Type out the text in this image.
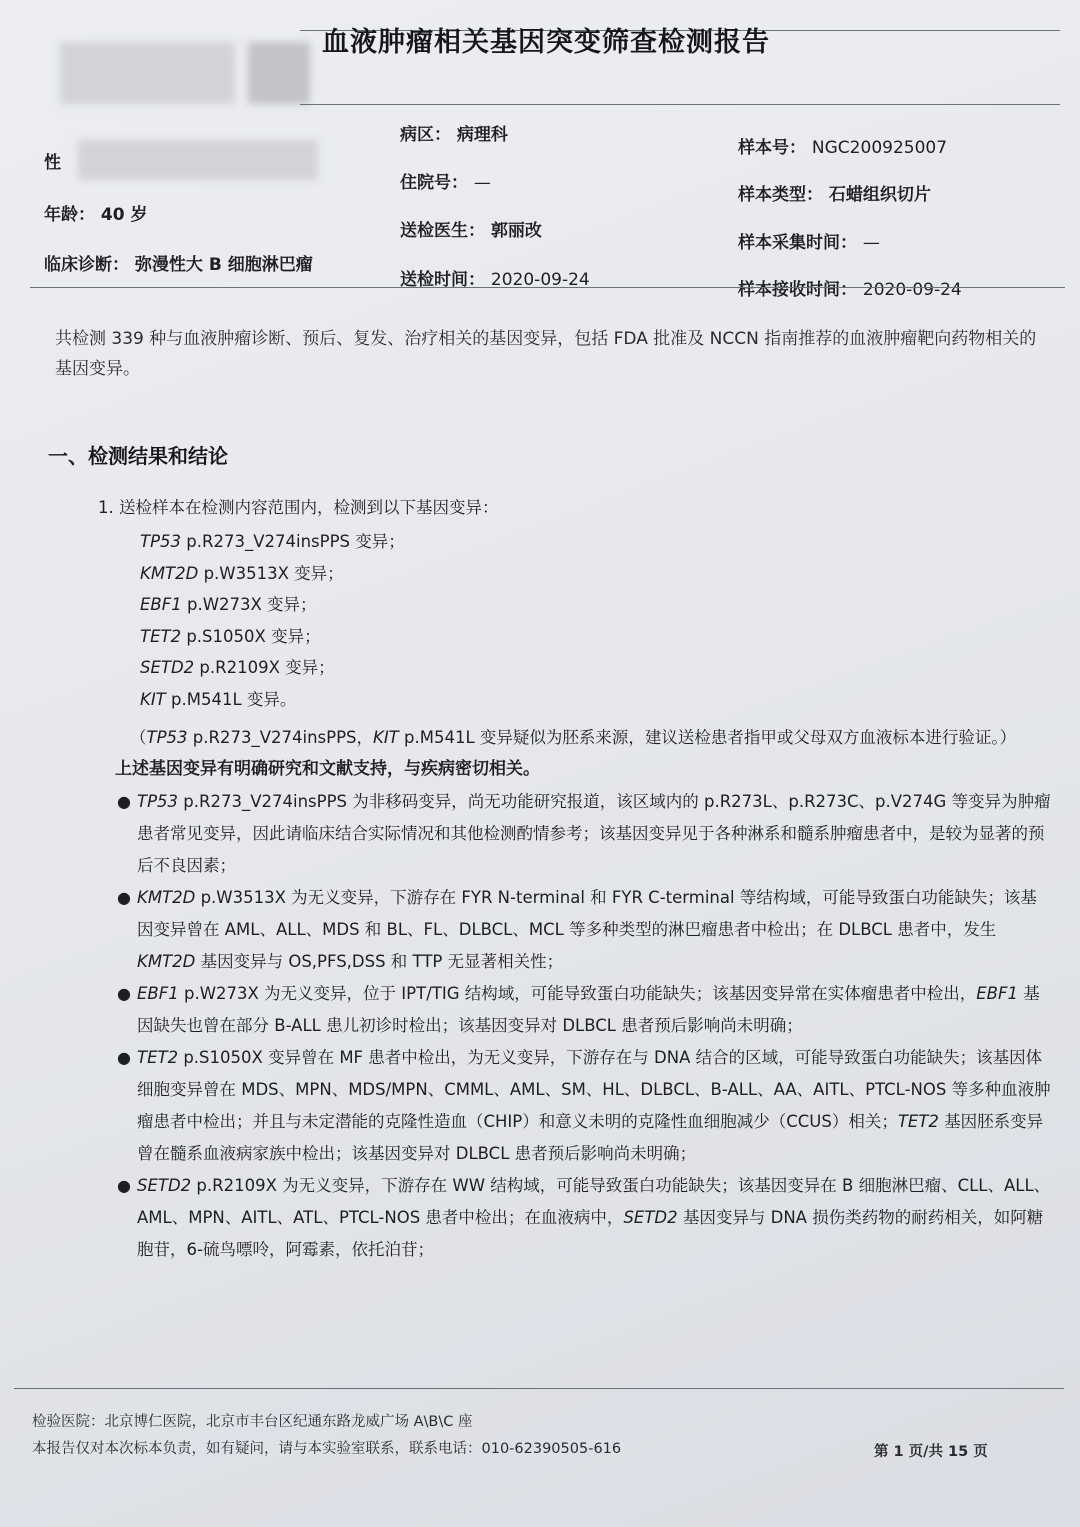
血液肿瘤相关基因突变筛查检测报告
性
年龄： 40 岁
临床诊断： 弥漫性大 B 细胞淋巴瘤
病区： 病理科
住院号： —
送检医生： 郭丽改
送检时间： 2020-09-24
样本号： NGC200925007
样本类型： 石蜡组织切片
样本采集时间： —
样本接收时间： 2020-09-24

共检测 339 种与血液肿瘤诊断、预后、复发、治疗相关的基因变异，包括 FDA 批准及 NCCN 指南推荐的血液肿瘤靶向药物相关的基因变异。

一、检测结果和结论
1. 送检样本在检测内容范围内，检测到以下基因变异：
TP53 p.R273_V274insPPS 变异；
KMT2D p.W3513X 变异；
EBF1 p.W273X 变异；
TET2 p.S1050X 变异；
SETD2 p.R2109X 变异；
KIT p.M541L 变异。
（TP53 p.R273_V274insPPS，KIT p.M541L 变异疑似为胚系来源，建议送检患者指甲或父母双方血液标本进行验证。）
上述基因变异有明确研究和文献支持，与疾病密切相关。
● TP53 p.R273_V274insPPS 为非移码变异，尚无功能研究报道，该区域内的 p.R273L、p.R273C、p.V274G 等变异为肿瘤患者常见变异，因此请临床结合实际情况和其他检测酌情参考；该基因变异见于各种淋系和髓系肿瘤患者中，是较为显著的预后不良因素；
● KMT2D p.W3513X 为无义变异，下游存在 FYR N-terminal 和 FYR C-terminal 等结构域，可能导致蛋白功能缺失；该基因变异曾在 AML、ALL、MDS 和 BL、FL、DLBCL、MCL 等多种类型的淋巴瘤患者中检出；在 DLBCL 患者中，发生 KMT2D 基因变异与 OS,PFS,DSS 和 TTP 无显著相关性；
● EBF1 p.W273X 为无义变异，位于 IPT/TIG 结构域，可能导致蛋白功能缺失；该基因变异常在实体瘤患者中检出，EBF1 基因缺失也曾在部分 B-ALL 患儿初诊时检出；该基因变异对 DLBCL 患者预后影响尚未明确；
● TET2 p.S1050X 变异曾在 MF 患者中检出，为无义变异，下游存在与 DNA 结合的区域，可能导致蛋白功能缺失；该基因体细胞变异曾在 MDS、MPN、MDS/MPN、CMML、AML、SM、HL、DLBCL、B-ALL、AA、AITL、PTCL-NOS 等多种血液肿瘤患者中检出；并且与未定潜能的克隆性造血（CHIP）和意义未明的克隆性血细胞减少（CCUS）相关；TET2 基因胚系变异曾在髓系血液病家族中检出；该基因变异对 DLBCL 患者预后影响尚未明确；
● SETD2 p.R2109X 为无义变异，下游存在 WW 结构域，可能导致蛋白功能缺失；该基因变异在 B 细胞淋巴瘤、CLL、ALL、AML、MPN、AITL、ATL、PTCL-NOS 患者中检出；在血液病中，SETD2 基因变异与 DNA 损伤类药物的耐药相关，如阿糖胞苷，6-硫鸟嘌呤，阿霉素，依托泊苷；
检验医院：北京博仁医院，北京市丰台区纪通东路龙威广场 A\B\C 座
本报告仅对本次标本负责，如有疑问，请与本实验室联系，联系电话：010-62390505-616	第 1 页/共 15 页
